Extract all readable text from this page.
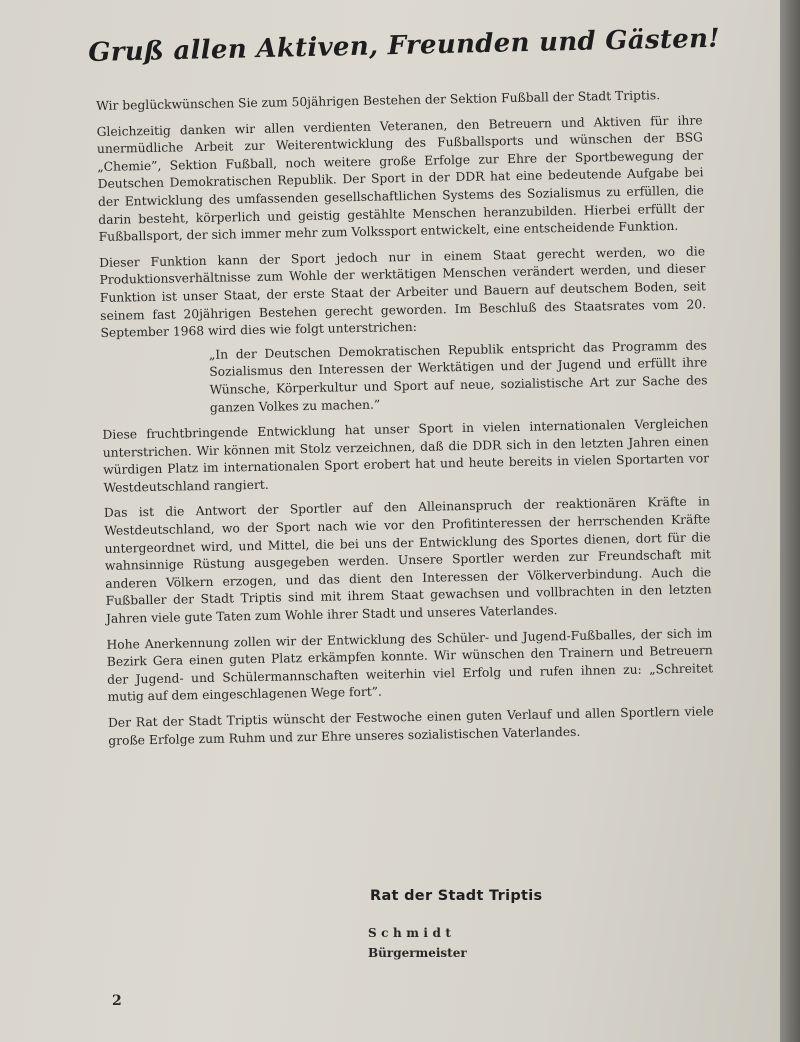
Gruß allen Aktiven, Freunden und Gästen!

Wir beglückwünschen Sie zum 50jährigen Bestehen der Sektion Fußball der Stadt Triptis.

Gleichzeitig danken wir allen verdienten Veteranen, den Betreuern und Aktiven für ihre unermüdliche Arbeit zur Weiterentwicklung des Fußballsports und wünschen der BSG „Chemie”, Sektion Fußball, noch weitere große Erfolge zur Ehre der Sportbewegung der Deutschen Demokratischen Republik. Der Sport in der DDR hat eine bedeutende Aufgabe bei der Entwicklung des umfassenden gesellschaftlichen Systems des Sozialismus zu erfüllen, die darin besteht, körperlich und geistig gestählte Menschen heranzubilden. Hierbei erfüllt der Fußballsport, der sich immer mehr zum Volkssport entwickelt, eine entscheidende Funktion.

Dieser Funktion kann der Sport jedoch nur in einem Staat gerecht werden, wo die Produktionsverhältnisse zum Wohle der werktätigen Menschen verändert werden, und dieser Funktion ist unser Staat, der erste Staat der Arbeiter und Bauern auf deutschem Boden, seit seinem fast 20jährigen Bestehen gerecht geworden. Im Beschluß des Staatsrates vom 20. September 1968 wird dies wie folgt unterstrichen:

„In der Deutschen Demokratischen Republik entspricht das Programm des Sozialismus den Interessen der Werktätigen und der Jugend und erfüllt ihre Wünsche, Körperkultur und Sport auf neue, sozialistische Art zur Sache des ganzen Volkes zu machen.”

Diese fruchtbringende Entwicklung hat unser Sport in vielen internationalen Vergleichen unterstrichen. Wir können mit Stolz verzeichnen, daß die DDR sich in den letzten Jahren einen würdigen Platz im internationalen Sport erobert hat und heute bereits in vielen Sportarten vor Westdeutschland rangiert.

Das ist die Antwort der Sportler auf den Alleinanspruch der reaktionären Kräfte in Westdeutschland, wo der Sport nach wie vor den Profitinteressen der herrschenden Kräfte untergeordnet wird, und Mittel, die bei uns der Entwicklung des Sportes dienen, dort für die wahnsinnige Rüstung ausgegeben werden. Unsere Sportler werden zur Freundschaft mit anderen Völkern erzogen, und das dient den Interessen der Völkerverbindung. Auch die Fußballer der Stadt Triptis sind mit ihrem Staat gewachsen und vollbrachten in den letzten Jahren viele gute Taten zum Wohle ihrer Stadt und unseres Vaterlandes.

Hohe Anerkennung zollen wir der Entwicklung des Schüler- und Jugend-Fußballes, der sich im Bezirk Gera einen guten Platz erkämpfen konnte. Wir wünschen den Trainern und Betreuern der Jugend- und Schülermannschaften weiterhin viel Erfolg und rufen ihnen zu: „Schreitet mutig auf dem eingeschlagenen Wege fort”.

Der Rat der Stadt Triptis wünscht der Festwoche einen guten Verlauf und allen Sportlern viele große Erfolge zum Ruhm und zur Ehre unseres sozialistischen Vaterlandes.

Rat der Stadt Triptis
Schmidt
Bürgermeister
2
